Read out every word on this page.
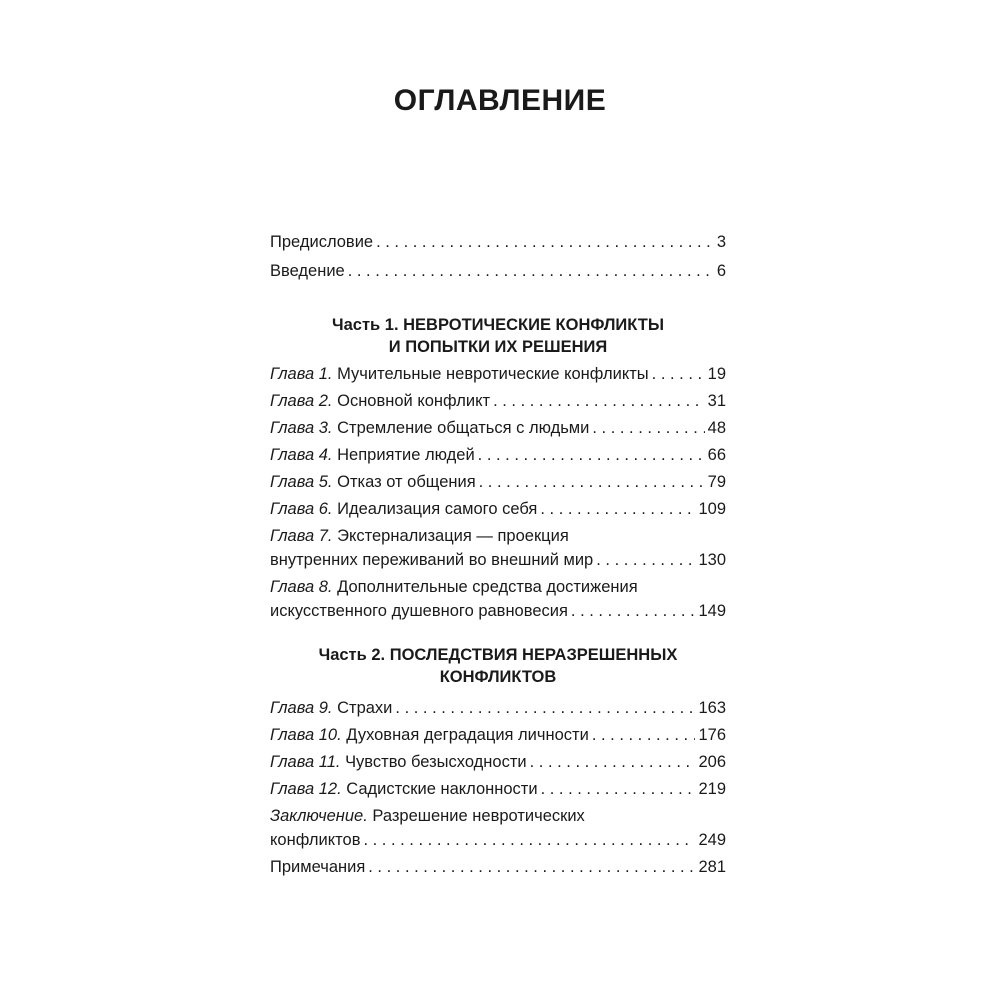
ОГЛАВЛЕНИЕ
Предисловие . . .	3
Введение . . .	6
Часть 1. НЕВРОТИЧЕСКИЕ КОНФЛИКТЫ
И ПОПЫТКИ ИХ РЕШЕНИЯ
Глава 1. Мучительные невротические конфликты . . .	19
Глава 2. Основной конфликт . . .	31
Глава 3. Стремление общаться с людьми . . .	48
Глава 4. Неприятие людей . . .	66
Глава 5. Отказ от общения . . .	79
Глава 6. Идеализация самого себя . . .	109
Глава 7. Экстернализация — проекция
внутренних переживаний во внешний мир . . .	130
Глава 8. Дополнительные средства достижения
искусственного душевного равновесия . . .	149
Часть 2. ПОСЛЕДСТВИЯ НЕРАЗРЕШЕННЫХ
КОНФЛИКТОВ
Глава 9. Страхи . . .	163
Глава 10. Духовная деградация личности . . .	176
Глава 11. Чувство безысходности . . .	206
Глава 12. Садистские наклонности . . .	219
Заключение. Разрешение невротических
конфликтов . . .	249
Примечания . . .	281
